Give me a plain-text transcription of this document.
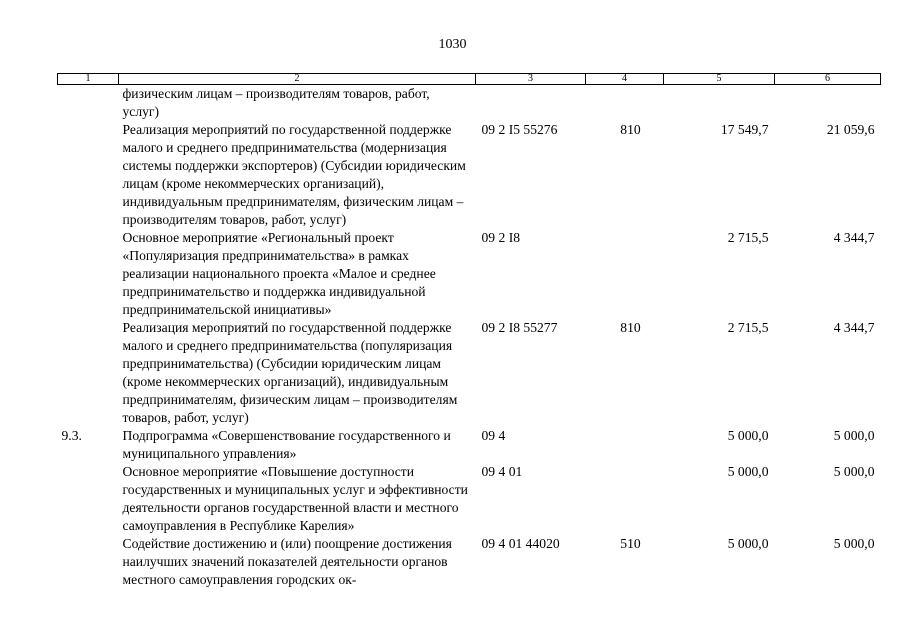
1030
1	2	3	4	5	6
	физическим лицам – производителям товаров, работ, услуг)				
	Реализация мероприятий по государственной поддержке малого и среднего предпринимательства (модернизация системы поддержки экспортеров) (Субсидии юридическим лицам (кроме некоммерческих организаций), индивидуальным предпринимателям, физическим лицам – производителям товаров, работ, услуг)	09 2 I5 55276	810	17 549,7	21 059,6
	Основное мероприятие «Региональный проект «Популяризация предпринимательства» в рамках реализации национального проекта «Малое и среднее предпринимательство и поддержка индивидуальной предпринимательской инициативы»	09 2 I8		2 715,5	4 344,7
	Реализация мероприятий по государственной поддержке малого и среднего предпринимательства (популяризация предпринимательства) (Субсидии юридическим лицам (кроме некоммерческих организаций), индивидуальным предпринимателям, физическим лицам – производителям товаров, работ, услуг)	09 2 I8 55277	810	2 715,5	4 344,7
9.3.	Подпрограмма «Совершенствование государственного и муниципального управления»	09 4		5 000,0	5 000,0
	Основное мероприятие «Повышение доступности государственных и муниципальных услуг и эффективности деятельности органов государственной власти и местного самоуправления в Республике Карелия»	09 4 01		5 000,0	5 000,0
	Содействие достижению и (или) поощрение достижения наилучших значений показателей деятельности органов местного самоуправления городских ок-	09 4 01 44020	510	5 000,0	5 000,0
